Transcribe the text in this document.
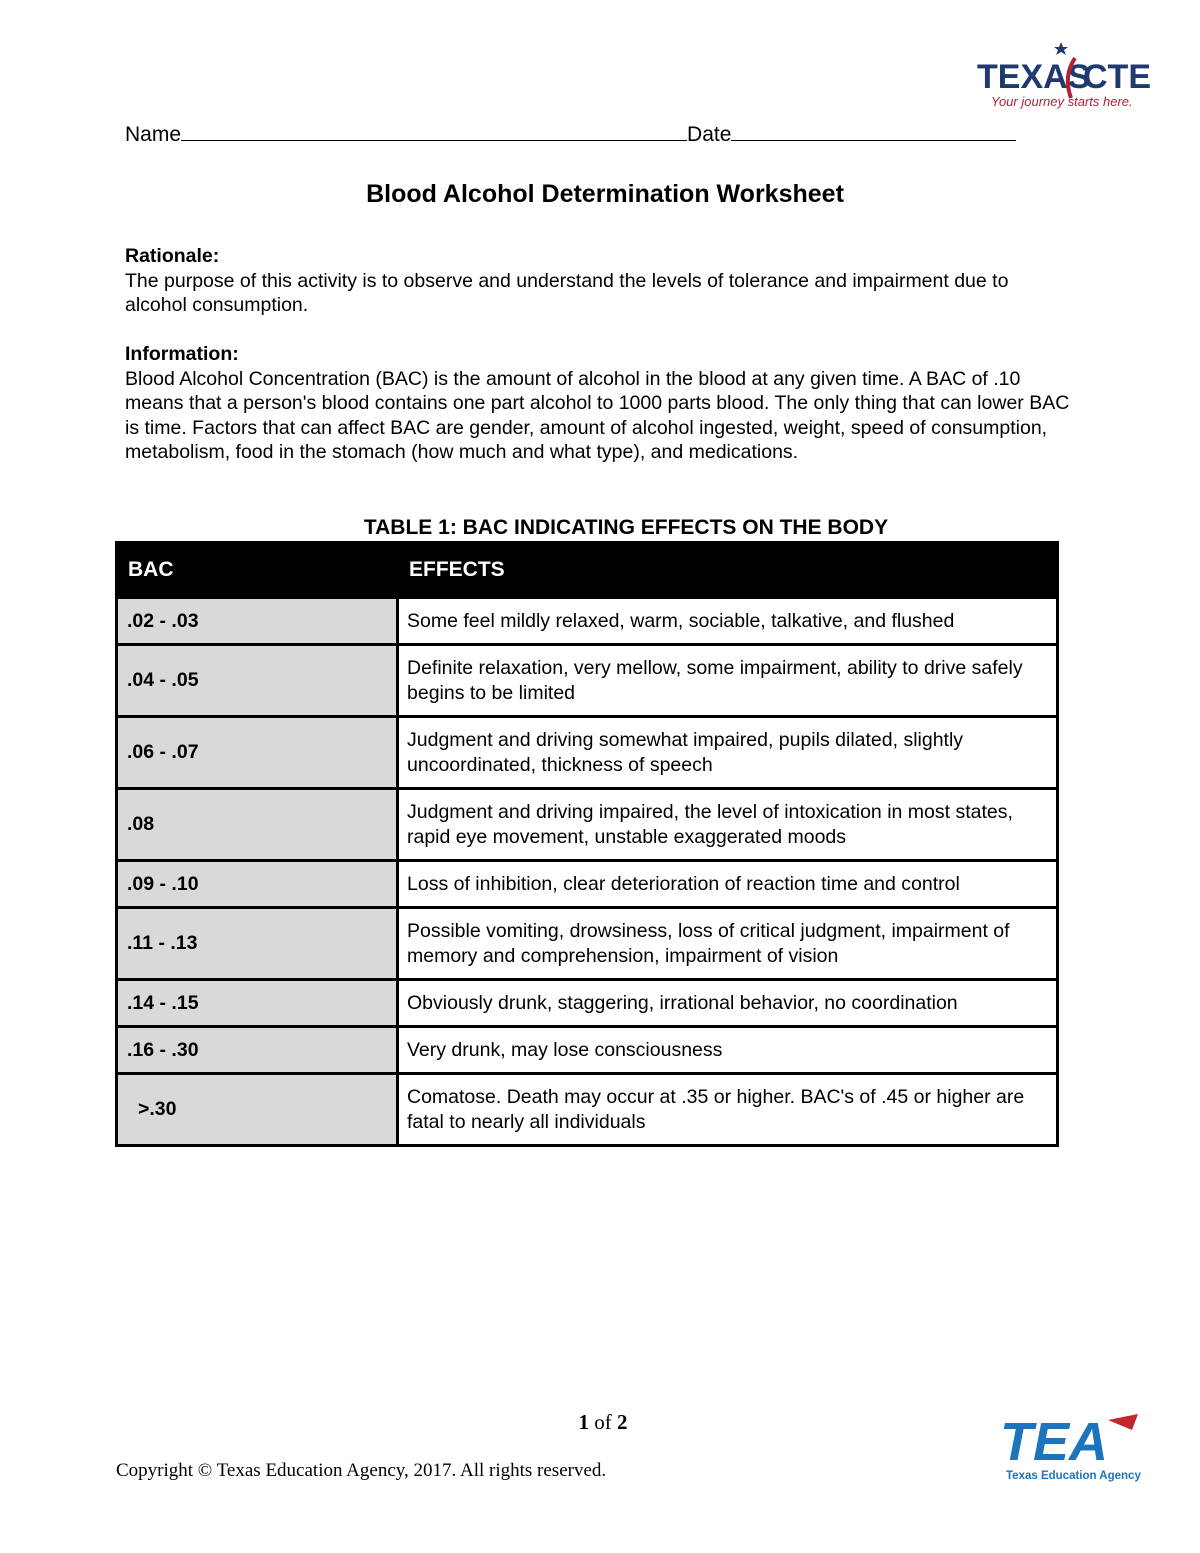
TEXAS
CTE
Your journey starts here.
Name	Date
Blood Alcohol Determination Worksheet
Rationale:
The purpose of this activity is to observe and understand the levels of tolerance and impairment due to alcohol consumption.
Information:
Blood Alcohol Concentration (BAC) is the amount of alcohol in the blood at any given time. A BAC of .10 means that a person's blood contains one part alcohol to 1000 parts blood. The only thing that can lower BAC is time. Factors that can affect BAC are gender, amount of alcohol ingested, weight, speed of consumption, metabolism, food in the stomach (how much and what type), and medications.
TABLE 1: BAC INDICATING EFFECTS ON THE BODY
BAC	EFFECTS
.02 - .03	Some feel mildly relaxed, warm, sociable, talkative, and flushed
.04 - .05	Definite relaxation, very mellow, some impairment, ability to drive safely begins to be limited
.06 - .07	Judgment and driving somewhat impaired, pupils dilated, slightly uncoordinated, thickness of speech
.08	Judgment and driving impaired, the level of intoxication in most states, rapid eye movement, unstable exaggerated moods
.09 - .10	Loss of inhibition, clear deterioration of reaction time and control
.11 - .13	Possible vomiting, drowsiness, loss of critical judgment, impairment of memory and comprehension, impairment of vision
.14 - .15	Obviously drunk, staggering, irrational behavior, no coordination
.16 - .30	Very drunk, may lose consciousness
>.30	Comatose. Death may occur at .35 or higher. BAC's of .45 or higher are fatal to nearly all individuals
1 of 2
Copyright © Texas Education Agency, 2017. All rights reserved.	TEA
Texas Education Agency
